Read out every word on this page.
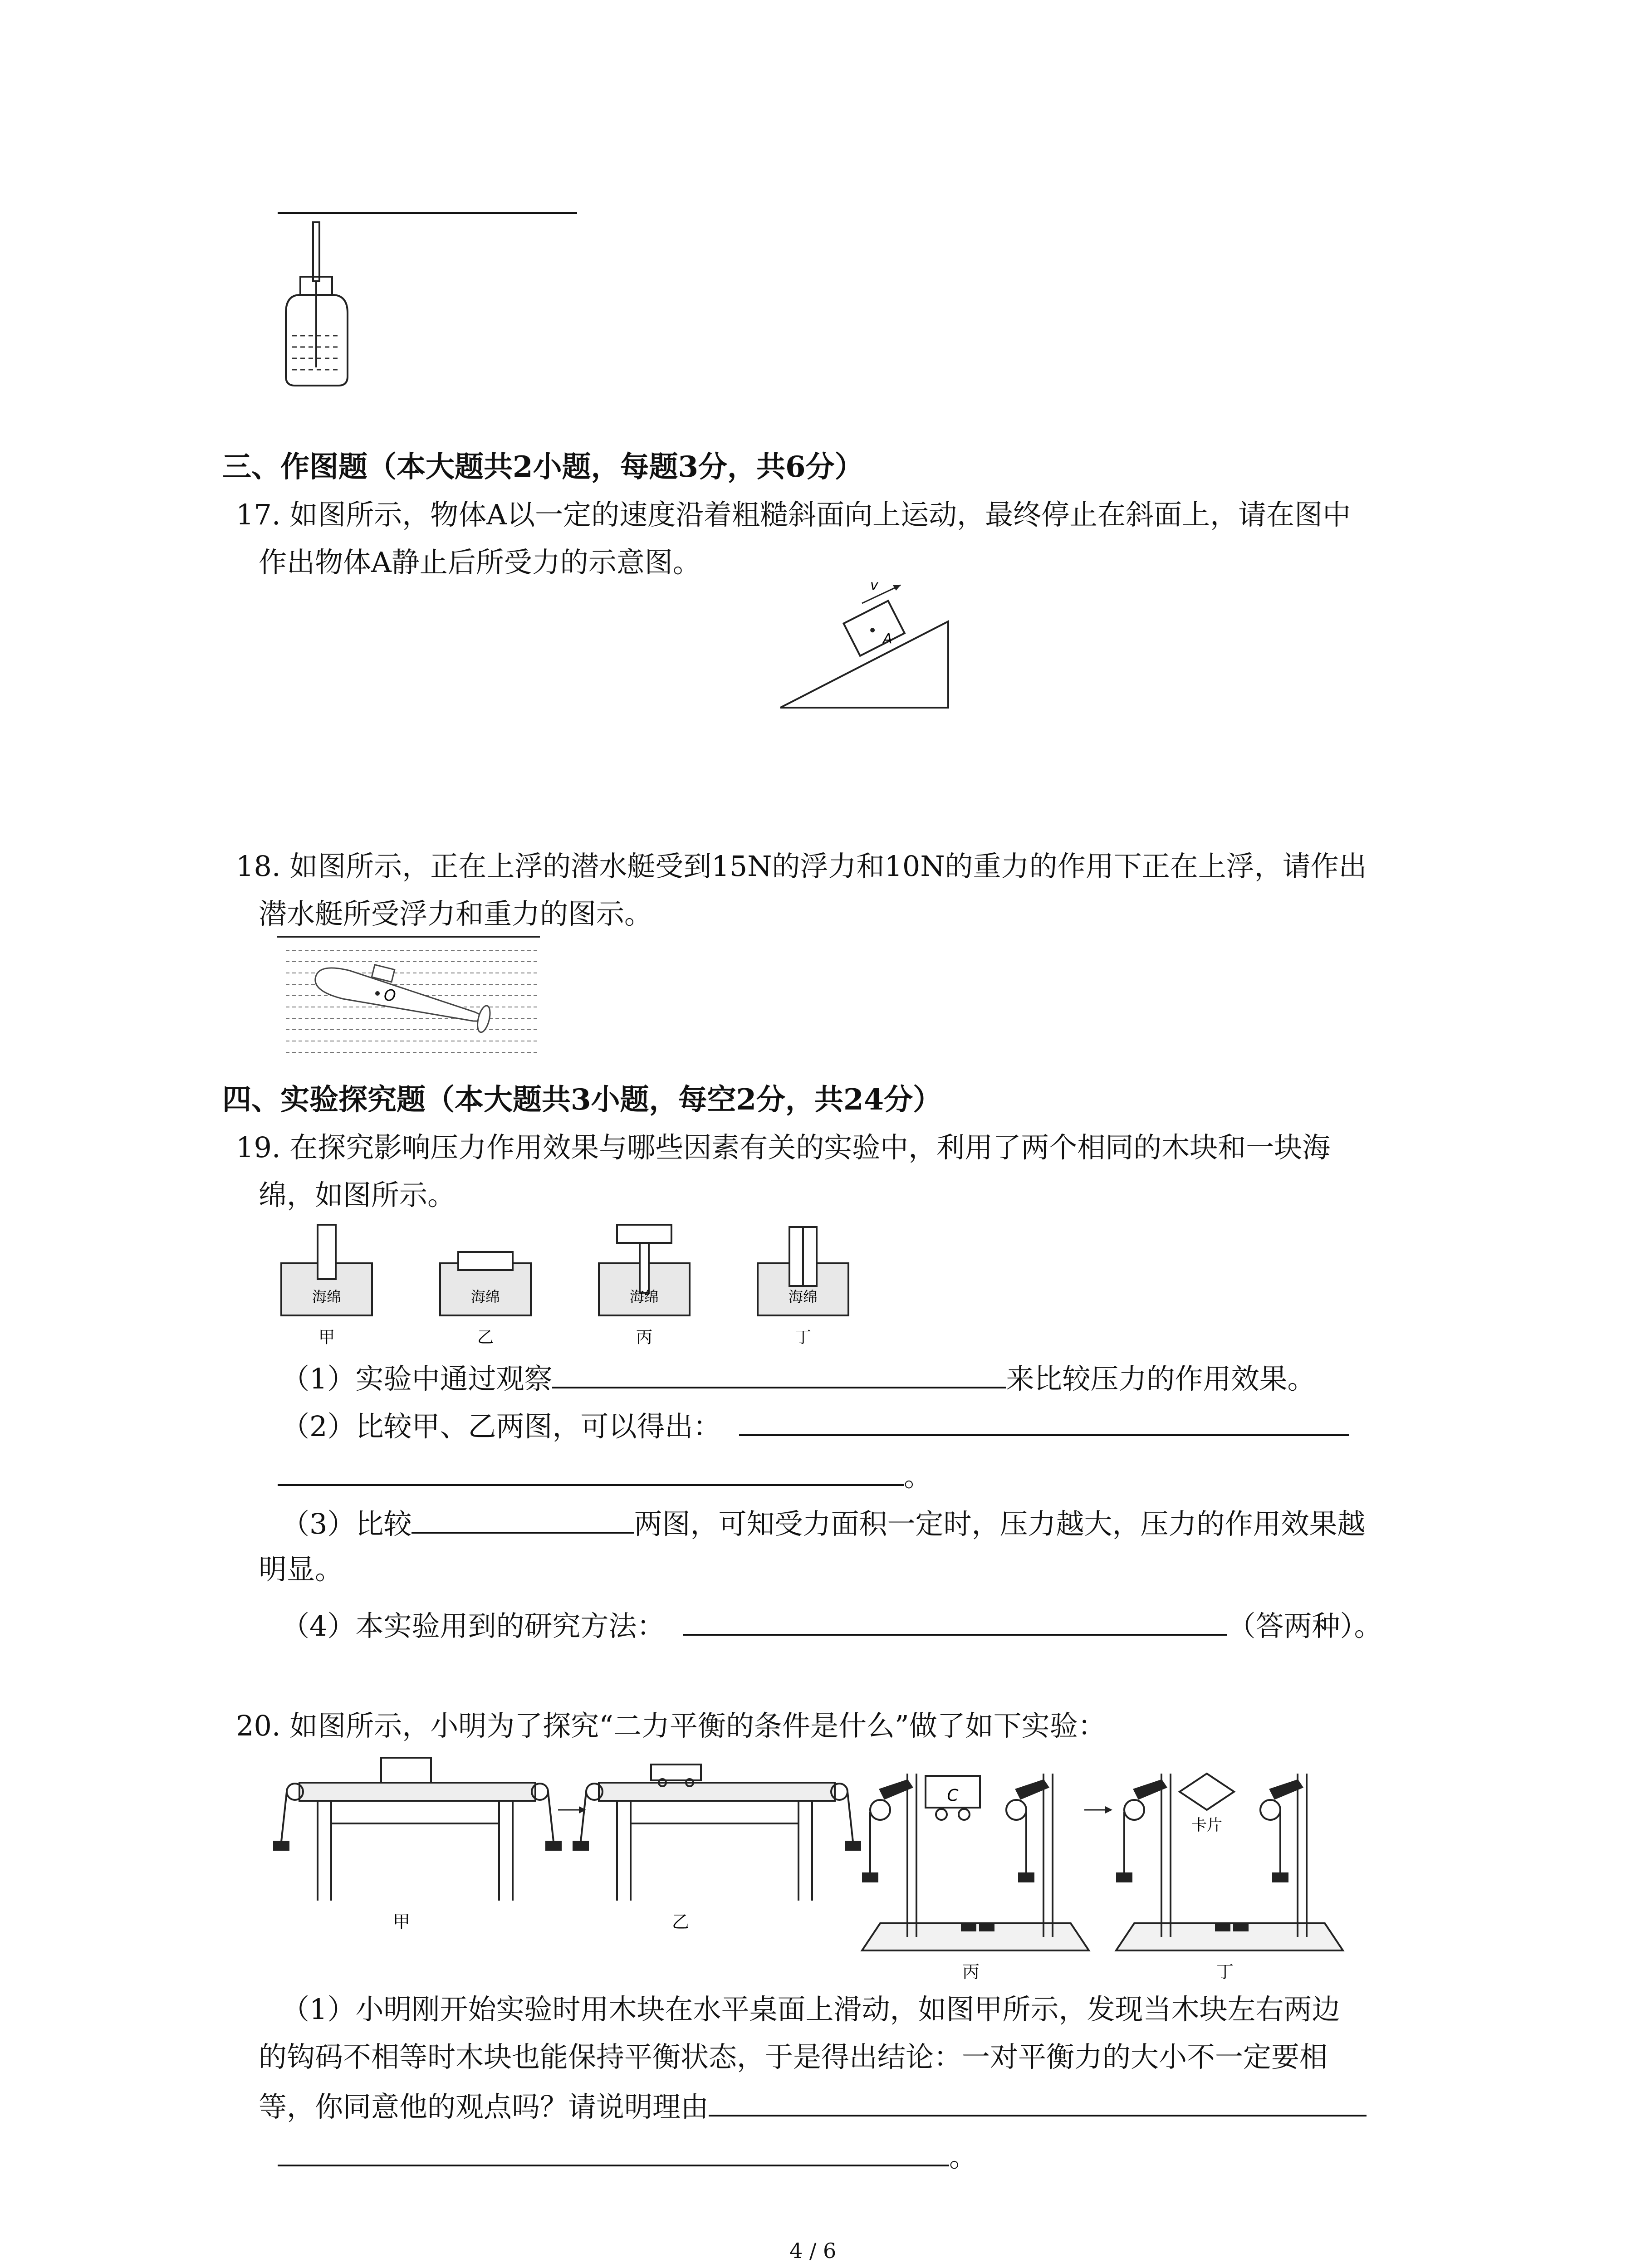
三、作图题（本大题共2小题，每题3分，共6分）
17. 如图所示，物体A以一定的速度沿着粗糙斜面向上运动，最终停止在斜面上，请在图中
作出物体A静止后所受力的示意图。
v
A
18. 如图所示，正在上浮的潜水艇受到15N的浮力和10N的重力的作用下正在上浮，请作出
潜水艇所受浮力和重力的图示。
O
四、实验探究题（本大题共3小题，每空2分，共24分）
19. 在探究影响压力作用效果与哪些因素有关的实验中，利用了两个相同的木块和一块海
绵，如图所示。
海绵
甲
海绵
乙
海绵
丙
海绵
丁
（1）实验中通过观察	来比较压力的作用效果。
（2）比较甲、乙两图，可以得出：
。
（3）比较	两图，可知受力面积一定时，压力越大，压力的作用效果越
明显。
（4）本实验用到的研究方法：	（答两种）。
20. 如图所示，小明为了探究“二力平衡的条件是什么”做了如下实验：
甲	乙
C
丙
卡片
丁
（1）小明刚开始实验时用木块在水平桌面上滑动，如图甲所示，发现当木块左右两边
的钩码不相等时木块也能保持平衡状态，于是得出结论：一对平衡力的大小不一定要相
等，你同意他的观点吗？请说明理由
。
4 / 6
